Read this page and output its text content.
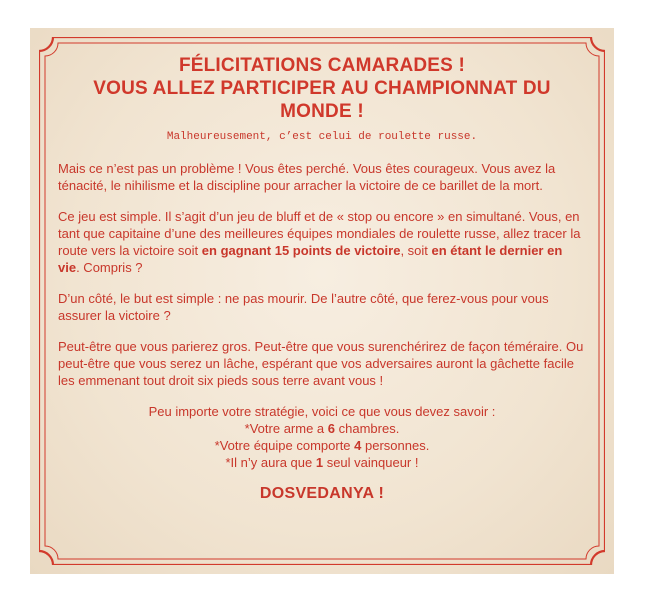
FÉLICITATIONS CAMARADES !
VOUS ALLEZ PARTICIPER AU CHAMPIONNAT DU MONDE !
Malheureusement, c’est celui de roulette russe.

Mais ce n’est pas un problème ! Vous êtes perché. Vous êtes courageux. Vous avez la ténacité, le nihilisme et la discipline pour arracher la victoire de ce barillet de la mort.

Ce jeu est simple. Il s’agit d’un jeu de bluff et de « stop ou encore » en simultané. Vous, en tant que capitaine d’une des meilleures équipes mondiales de roulette russe, allez tracer la route vers la victoire soit en gagnant 15 points de victoire, soit en étant le dernier en vie. Compris ?

D’un côté, le but est simple : ne pas mourir. De l’autre côté, que ferez-vous pour vous assurer la victoire ?

Peut-être que vous parierez gros. Peut-être que vous surenchérirez de façon téméraire. Ou peut-être que vous serez un lâche, espérant que vos adversaires auront la gâchette facile les emmenant tout droit six pieds sous terre avant vous !

Peu importe votre stratégie, voici ce que vous devez savoir :
*Votre arme a 6 chambres.
*Votre équipe comporte 4 personnes.
*Il n’y aura que 1 seul vainqueur !
DOSVEDANYA !
